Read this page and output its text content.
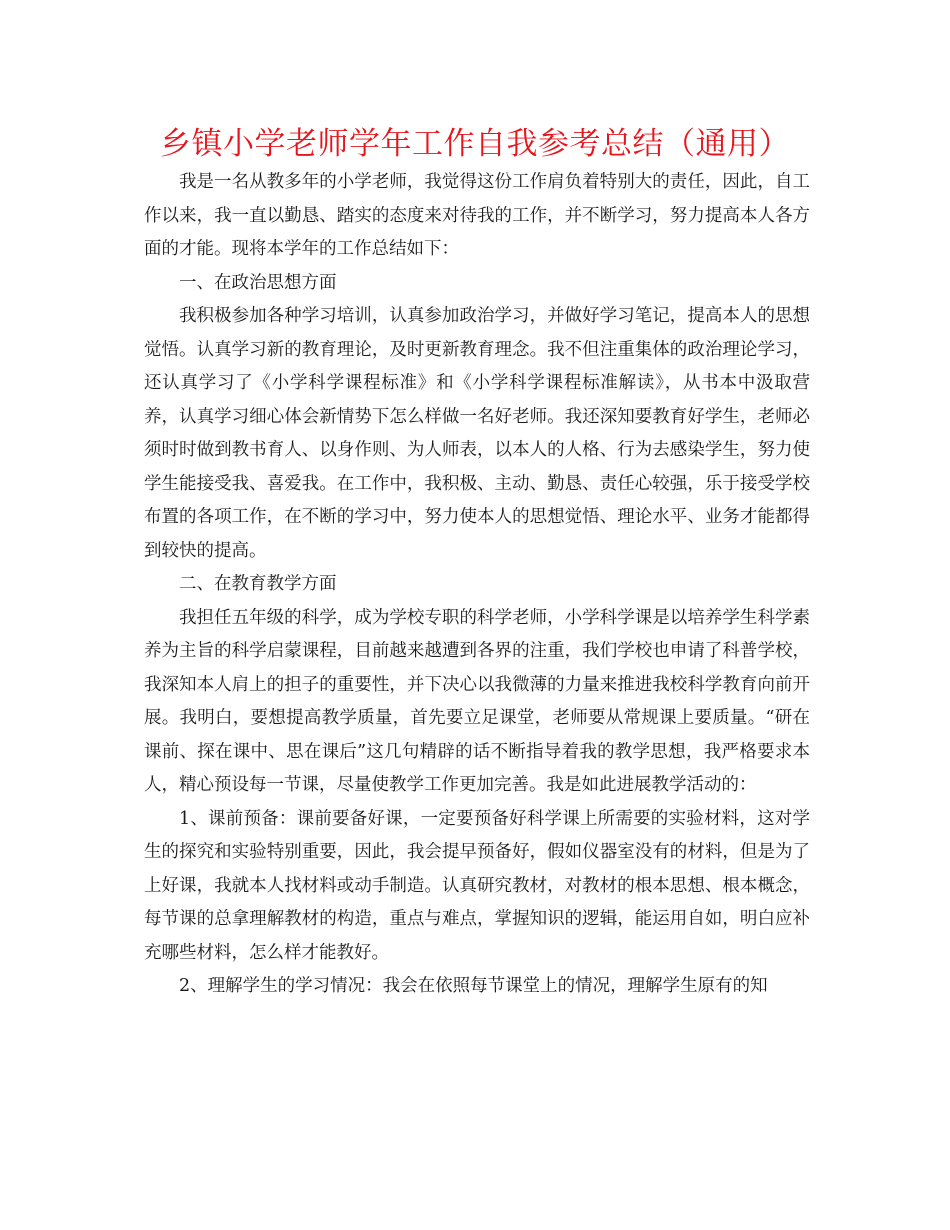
乡镇小学老师学年工作自我参考总结（通用）

我是一名从教多年的小学老师，我觉得这份工作肩负着特别大的责任，因此，自工作以来，我一直以勤恳、踏实的态度来对待我的工作，并不断学习，努力提高本人各方面的才能。现将本学年的工作总结如下：

一、在政治思想方面

我积极参加各种学习培训，认真参加政治学习，并做好学习笔记，提高本人的思想觉悟。认真学习新的教育理论，及时更新教育理念。我不但注重集体的政治理论学习，还认真学习了《小学科学课程标准》和《小学科学课程标准解读》，从书本中汲取营养，认真学习细心体会新情势下怎么样做一名好老师。我还深知要教育好学生，老师必须时时做到教书育人、以身作则、为人师表，以本人的人格、行为去感染学生，努力使学生能接受我、喜爱我。在工作中，我积极、主动、勤恳、责任心较强，乐于接受学校布置的各项工作，在不断的学习中，努力使本人的思想觉悟、理论水平、业务才能都得到较快的提高。

二、在教育教学方面

我担任五年级的科学，成为学校专职的科学老师，小学科学课是以培养学生科学素养为主旨的科学启蒙课程，目前越来越遭到各界的注重，我们学校也申请了科普学校，我深知本人肩上的担子的重要性，并下决心以我微薄的力量来推进我校科学教育向前开展。我明白，要想提高教学质量，首先要立足课堂，老师要从常规课上要质量。“研在课前、探在课中、思在课后”这几句精辟的话不断指导着我的教学思想，我严格要求本人，精心预设每一节课，尽量使教学工作更加完善。我是如此进展教学活动的：

1、课前预备：课前要备好课，一定要预备好科学课上所需要的实验材料，这对学生的探究和实验特别重要，因此，我会提早预备好，假如仪器室没有的材料，但是为了上好课，我就本人找材料或动手制造。认真研究教材，对教材的根本思想、根本概念，每节课的总拿理解教材的构造，重点与难点，掌握知识的逻辑，能运用自如，明白应补充哪些材料，怎么样才能教好。

2、理解学生的学习情况：我会在依照每节课堂上的情况，理解学生原有的知
